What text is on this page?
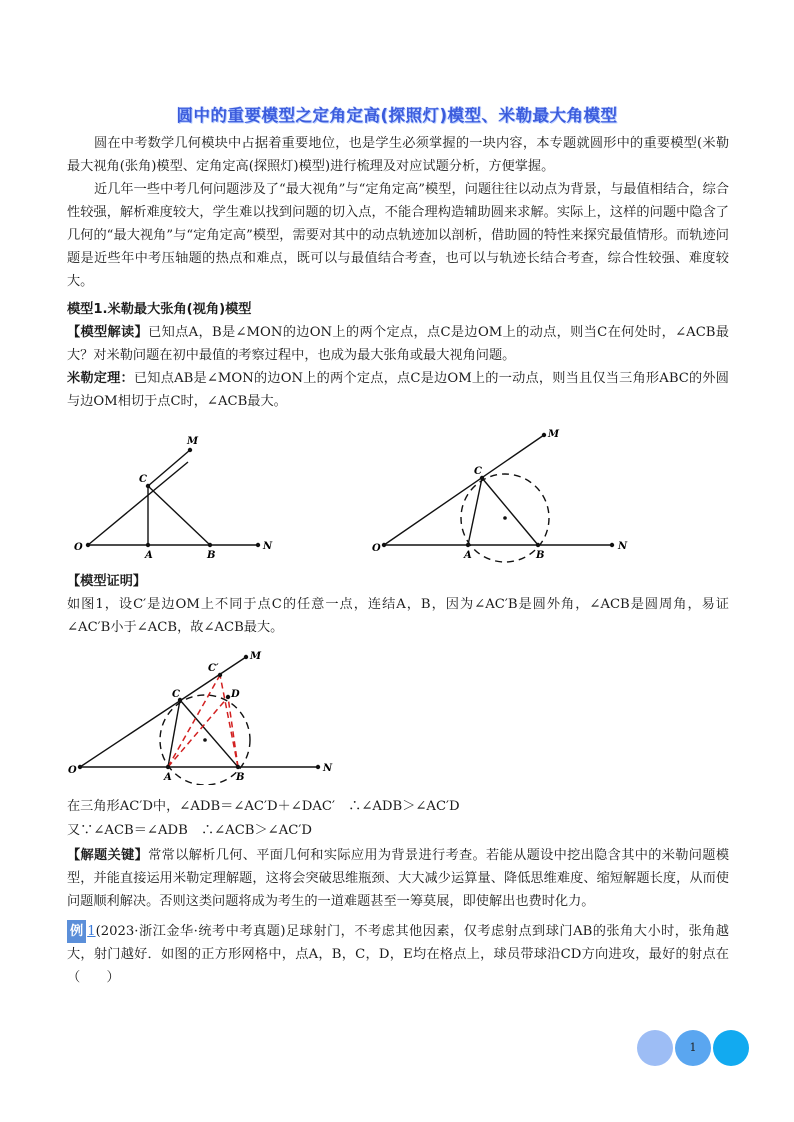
圆中的重要模型之定角定高(探照灯)模型、米勒最大角模型

圆在中考数学几何模块中占据着重要地位，也是学生必须掌握的一块内容，本专题就圆形中的重要模型(米勒最大视角(张角)模型、定角定高(探照灯)模型)进行梳理及对应试题分析，方便掌握。

近几年一些中考几何问题涉及了“最大视角”与“定角定高”模型，问题往往以动点为背景，与最值相结合，综合性较强，解析难度较大，学生难以找到问题的切入点，不能合理构造辅助圆来求解。实际上，这样的问题中隐含了几何的“最大视角”与“定角定高”模型，需要对其中的动点轨迹加以剖析，借助圆的特性来探究最值情形。而轨迹问题是近些年中考压轴题的热点和难点，既可以与最值结合考查，也可以与轨迹长结合考查，综合性较强、难度较大。

模型1.米勒最大张角(视角)模型

【模型解读】已知点A，B是∠MON的边ON上的两个定点，点C是边OM上的动点，则当C在何处时，∠ACB最大？对米勒问题在初中最值的考察过程中，也成为最大张角或最大视角问题。

米勒定理：已知点AB是∠MON的边ON上的两个定点，点C是边OM上的一动点，则当且仅当三角形ABC的外圆与边OM相切于点C时，∠ACB最大。

O
A	B
C
M
N	O
A	B
C
M
N

【模型证明】

如图1，设C′是边OM上不同于点C的任意一点，连结A，B，因为∠AC′B是圆外角，∠ACB是圆周角，易证∠AC′B小于∠ACB，故∠ACB最大。

O
A	B
C
C′
D
M
N

在三角形AC′D中，∠ADB＝∠AC′D＋∠DAC′　∴∠ADB＞∠AC′D

又∵∠ACB＝∠ADB　∴∠ACB＞∠AC′D

【解题关键】常常以解析几何、平面几何和实际应用为背景进行考查。若能从题设中挖出隐含其中的米勒问题模型，并能直接运用米勒定理解题，这将会突破思维瓶颈、大大减少运算量、降低思维难度、缩短解题长度，从而使问题顺利解决。否则这类问题将成为考生的一道难题甚至一筹莫展，即使解出也费时化力。

例 1(2023·浙江金华·统考中考真题)足球射门，不考虑其他因素，仅考虑射点到球门AB的张角大小时，张角越大，射门越好．如图的正方形网格中，点A，B，C，D，E均在格点上，球员带球沿CD方向进攻，最好的射点在（　　）

1
